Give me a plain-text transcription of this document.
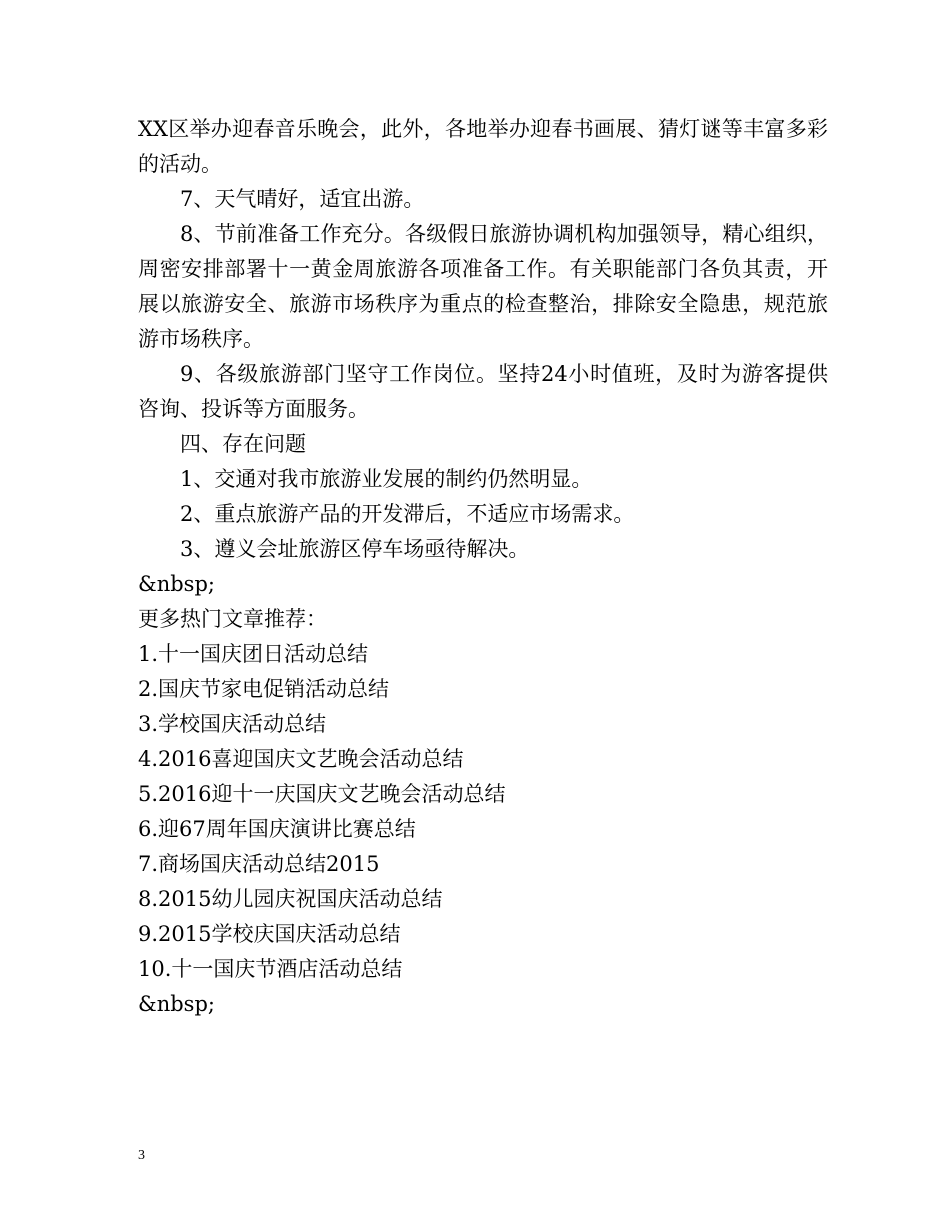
XX区举办迎春音乐晚会，此外，各地举办迎春书画展、猜灯谜等丰富多彩的活动。

7、天气晴好，适宜出游。

8、节前准备工作充分。各级假日旅游协调机构加强领导，精心组织，周密安排部署十一黄金周旅游各项准备工作。有关职能部门各负其责，开展以旅游安全、旅游市场秩序为重点的检查整治，排除安全隐患，规范旅游市场秩序。

9、各级旅游部门坚守工作岗位。坚持24小时值班，及时为游客提供咨询、投诉等方面服务。

四、存在问题

1、交通对我市旅游业发展的制约仍然明显。

2、重点旅游产品的开发滞后，不适应市场需求。

3、遵义会址旅游区停车场亟待解决。

&nbsp;

更多热门文章推荐：

1.十一国庆团日活动总结

2.国庆节家电促销活动总结

3.学校国庆活动总结

4.2016喜迎国庆文艺晚会活动总结

5.2016迎十一庆国庆文艺晚会活动总结

6.迎67周年国庆演讲比赛总结

7.商场国庆活动总结2015

8.2015幼儿园庆祝国庆活动总结

9.2015学校庆国庆活动总结

10.十一国庆节酒店活动总结

&nbsp;

3
